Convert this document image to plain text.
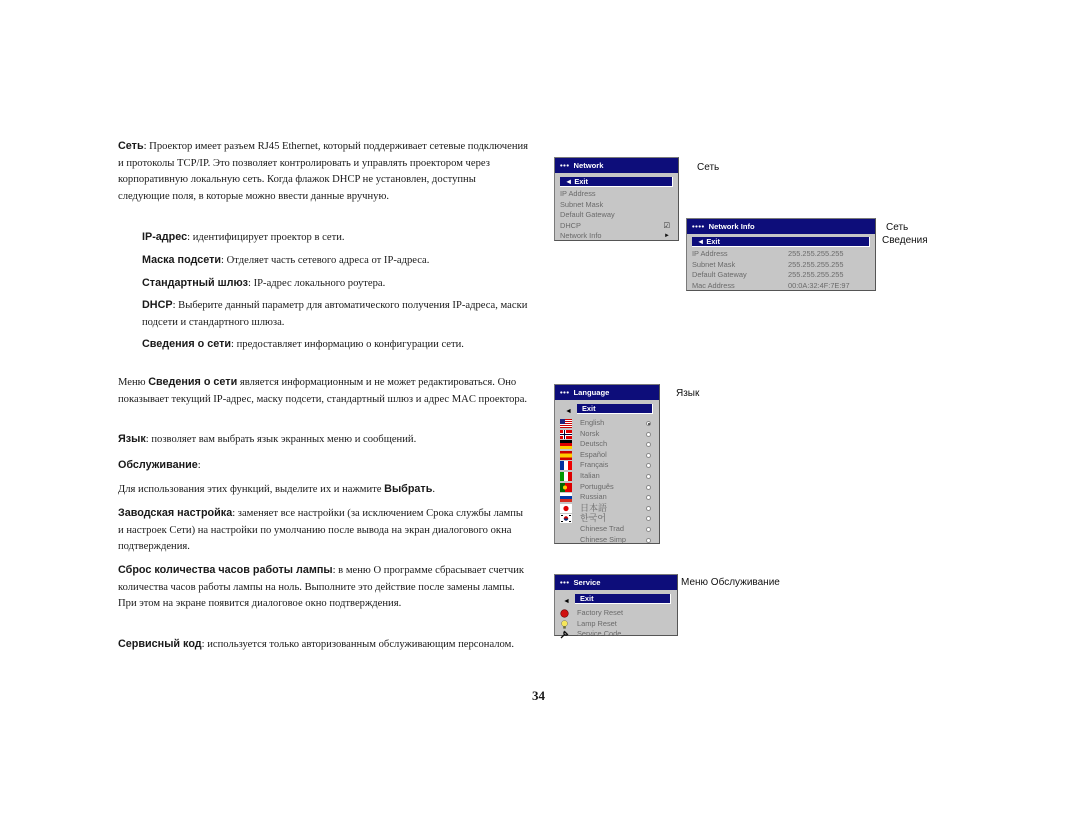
Сеть: Проектор имеет разъем RJ45 Ethernet, который поддерживает сетевые подключения и протоколы TCP/IP. Это позволяет контролировать и управлять проектором через корпоративную локальную сеть. Когда флажок DHCP не установлен, доступны следующие поля, в которые можно ввести данные вручную.

IP-адрес: идентифицирует проектор в сети.

Маска подсети: Отделяет часть сетевого адреса от IP-адреса.

Стандартный шлюз: IP-адрес локального роутера.

DHCP: Выберите данный параметр для автоматического получения IP-адреса, маски подсети и стандартного шлюза.

Сведения о сети: предоставляет информацию о конфигурации сети.

Меню Сведения о сети является информационным и не может редактироваться. Оно показывает текущий IP-адрес, маску подсети, стандартный шлюз и адрес MAC проектора.

Язык: позволяет вам выбрать язык экранных меню и сообщений.

Обслуживание:

Для использования этих функций, выделите их и нажмите Выбрать.

Заводская настройка: заменяет все настройки (за исключением Срока службы лампы и настроек Сети) на настройки по умолчанию после вывода на экран диалогового окна подтверждения.

Сброс количества часов работы лампы: в меню О программе сбрасывает счетчик количества часов работы лампы на ноль. Выполните это действие после замены лампы. При этом на экране появится диалоговое окно подтверждения.

Сервисный код: используется только авторизованным обслуживающим персоналом.

••• Network
◄ Exit
IP Address
Subnet Mask
Default Gateway
DHCP	☑
Network Info	►
Сеть
•••• Network Info
◄ Exit
IP Address	255.255.255.255
Subnet Mask	255.255.255.255
Default Gateway	255.255.255.255
Mac Address	00:0A:32:4F:7E:97
Сеть
Сведения
••• Language
◄	Exit
English
Norsk
Deutsch
Español
Français
Italian
Português
Russian
日本語
한국어
Chinese Trad
Chinese Simp
Язык
••• Service
◄	Exit
Factory Reset
Lamp Reset
Service Code
Меню Обслуживание
34
